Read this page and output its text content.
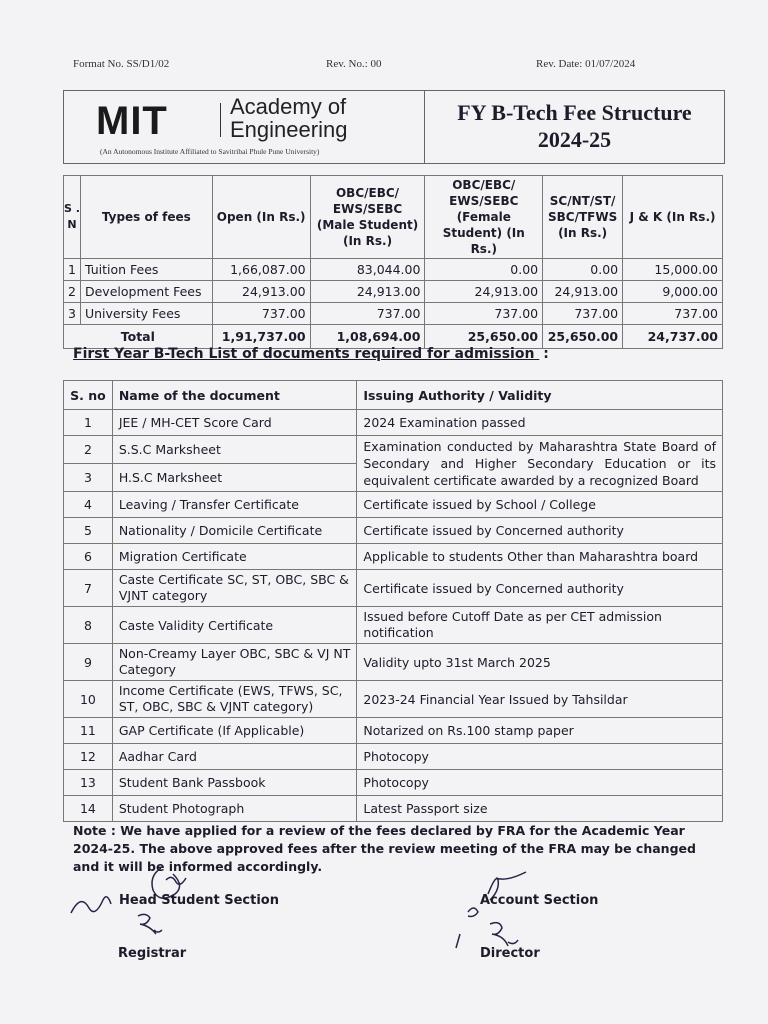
Format No. SS/D1/02	Rev. No.: 00	Rev. Date: 01/07/2024
MIT	Academy of
Engineering
(An Autonomous Institute Affiliated to Savitribai Phule Pune University)
FY B-Tech Fee Structure
2024-25
S . N	Types of fees	Open (In Rs.)	OBC/EBC/ EWS/SEBC (Male Student) (In Rs.)	OBC/EBC/ EWS/SEBC (Female Student) (In Rs.)	SC/NT/ST/ SBC/TFWS (In Rs.)	J & K (In Rs.)
1	Tuition Fees	1,66,087.00	83,044.00	0.00	0.00	15,000.00
2	Development Fees	24,913.00	24,913.00	24,913.00	24,913.00	9,000.00
3	University Fees	737.00	737.00	737.00	737.00	737.00
Total		1,91,737.00	1,08,694.00	25,650.00	25,650.00	24,737.00
First Year B-Tech List of documents required for admission :
S. no	Name of the document	Issuing Authority / Validity
1	JEE / MH-CET Score Card	2024 Examination passed
2	S.S.C Marksheet	Examination conducted by Maharashtra State Board of Secondary and Higher Secondary Education or its equivalent certificate awarded by a recognized Board
3	H.S.C Marksheet	
4	Leaving / Transfer Certificate	Certificate issued by School / College
5	Nationality / Domicile Certificate	Certificate issued by Concerned authority
6	Migration Certificate	Applicable to students Other than Maharashtra board
7	Caste Certificate SC, ST, OBC, SBC & VJNT category	Certificate issued by Concerned authority
8	Caste Validity Certificate	Issued before Cutoff Date as per CET admission notification
9	Non-Creamy Layer OBC, SBC & VJ NT Category	Validity upto 31st March 2025
10	Income Certificate (EWS, TFWS, SC, ST, OBC, SBC & VJNT category)	2023-24 Financial Year Issued by Tahsildar
11	GAP Certificate (If Applicable)	Notarized on Rs.100 stamp paper
12	Aadhar Card	Photocopy
13	Student Bank Passbook	Photocopy
14	Student Photograph	Latest Passport size
Note : We have applied for a review of the fees declared by FRA for the Academic Year 2024-25. The above approved fees after the review meeting of the FRA may be changed and it will be informed accordingly.
Head Student Section	Account Section
Registrar	Director
